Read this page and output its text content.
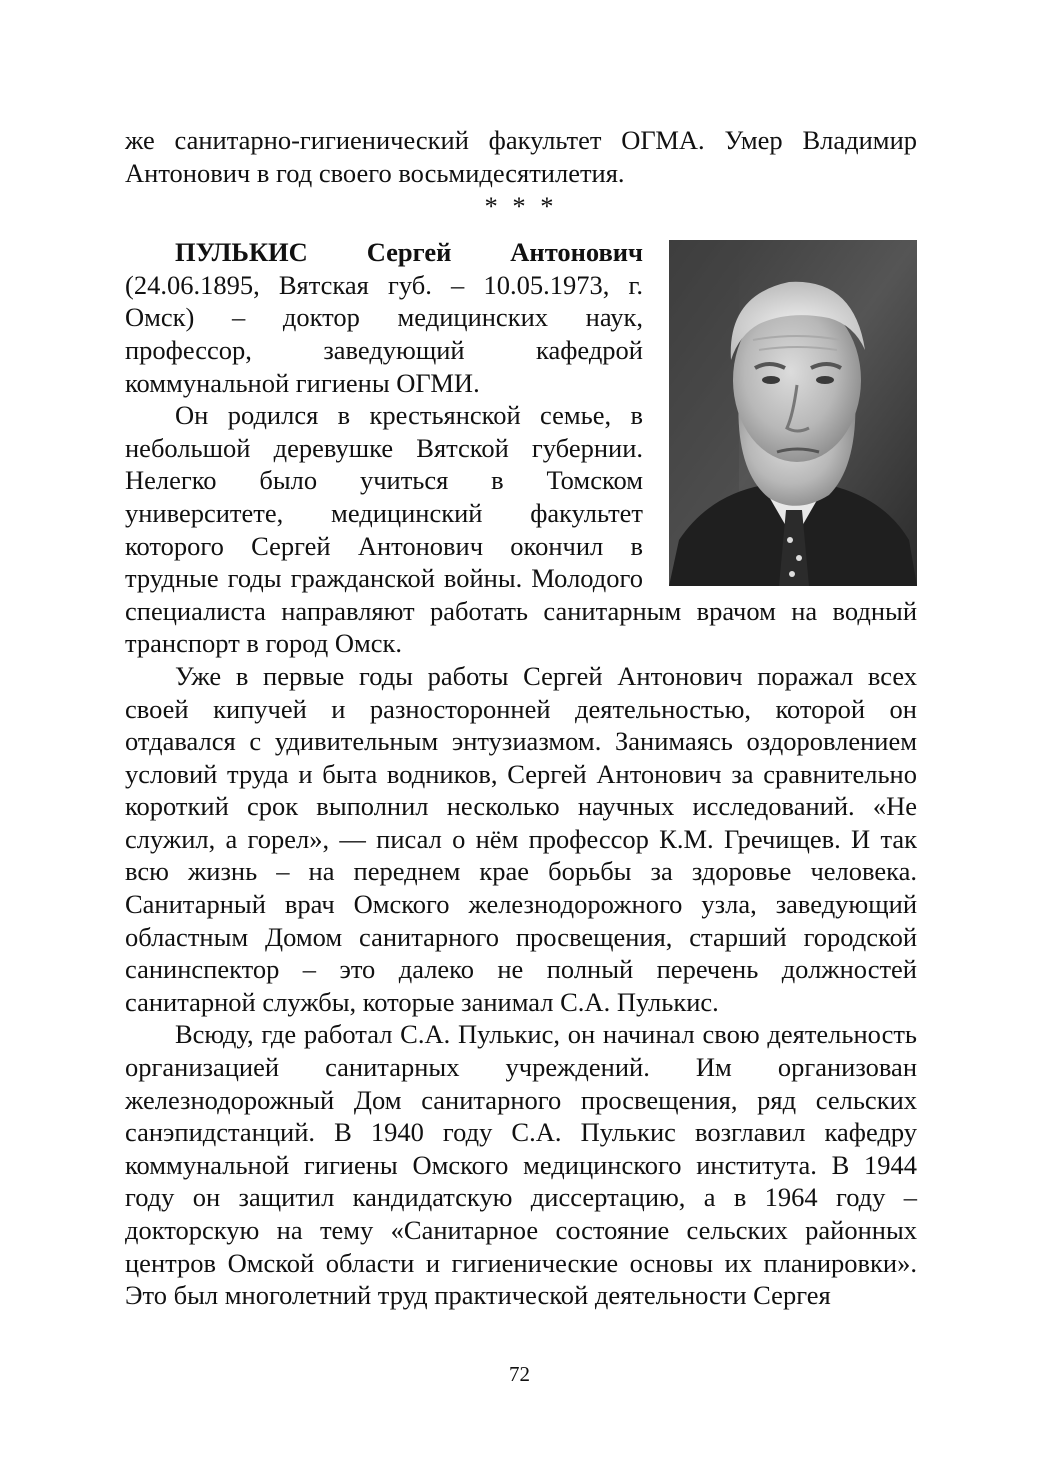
же санитарно-гигиенический факультет ОГМА. Умер Владимир Антонович в год своего восьмидесятилетия.

* * *

ПУЛЬКИС Сергей Антонович (24.06.1895, Вятская губ. – 10.05.1973, г. Омск) – доктор медицинских наук, профессор, заведующий кафедрой коммунальной гигиены ОГМИ.

Он родился в крестьянской семье, в небольшой деревушке Вятской губернии. Нелегко было учиться в Томском университете, медицинский факультет которого Сергей Антонович окончил в трудные годы гражданской войны. Молодого специалиста направляют работать санитарным врачом на водный транспорт в город Омск.

Уже в первые годы работы Сергей Антонович поражал всех своей кипучей и разносторонней деятельностью, которой он отдавался с удивительным энтузиазмом. Занимаясь оздоровлением условий труда и быта водников, Сергей Антонович за сравнительно короткий срок выполнил несколько научных исследований. «Не служил, а горел», — писал о нём профессор К.М. Гречищев. И так всю жизнь – на переднем крае борьбы за здоровье человека. Санитарный врач Омского железнодорожного узла, заведующий областным Домом санитарного просвещения, старший городской санинспектор – это далеко не полный перечень должностей санитарной службы, которые занимал С.А. Пулькис.

Всюду, где работал С.А. Пулькис, он начинал свою деятельность организацией санитарных учреждений. Им организован железнодорожный Дом санитарного просвещения, ряд сельских санэпидстанций. В 1940 году С.А. Пулькис возглавил кафедру коммунальной гигиены Омского медицинского института. В 1944 году он защитил кандидатскую диссертацию, а в 1964 году – докторскую на тему «Санитарное состояние сельских районных центров Омской области и гигиенические основы их планировки». Это был многолетний труд практической деятельности Сергея

72
